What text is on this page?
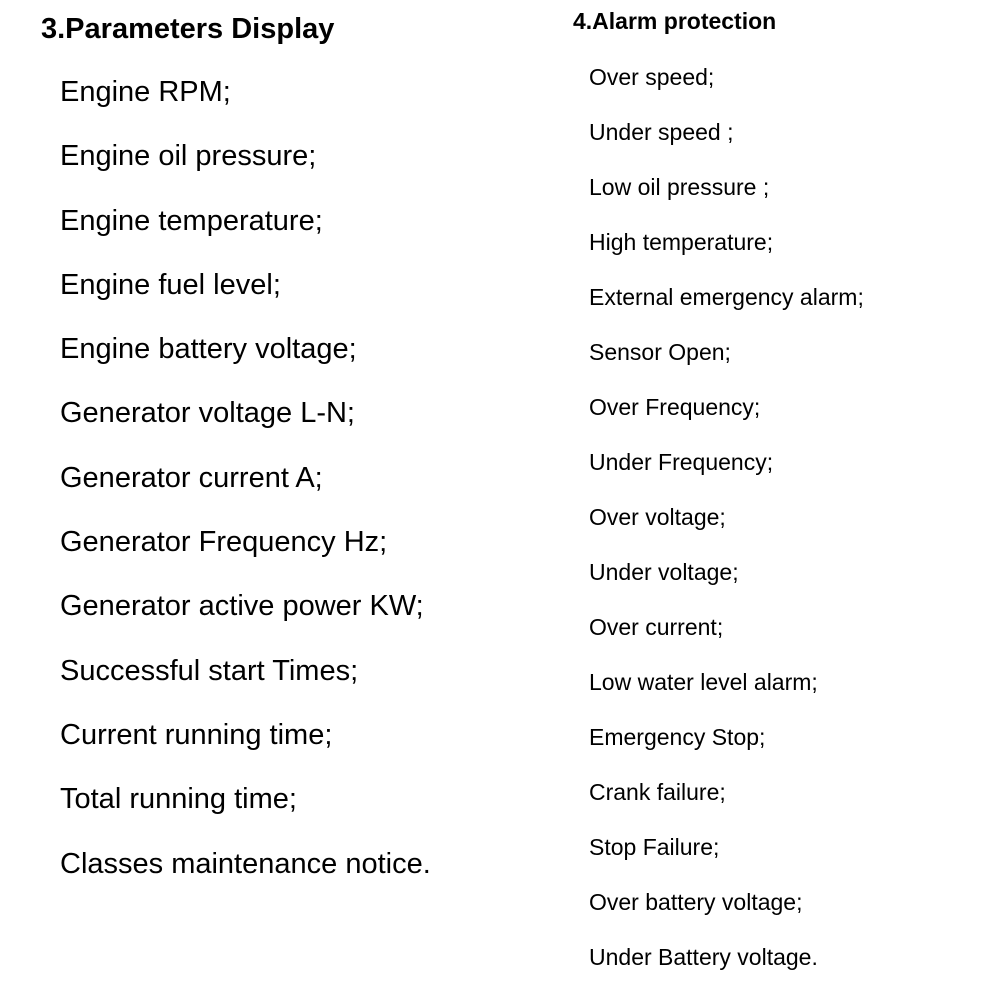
3.Parameters Display
Engine RPM;
Engine oil pressure;
Engine temperature;
Engine fuel level;
Engine battery voltage;
Generator voltage L-N;
Generator current A;
Generator Frequency Hz;
Generator active power KW;
Successful start Times;
Current running time;
Total running time;
Classes maintenance notice.
4.Alarm protection
Over speed;
Under speed ;
Low oil pressure ;
High temperature;
External emergency alarm;
Sensor Open;
Over Frequency;
Under Frequency;
Over voltage;
Under voltage;
Over current;
Low water level alarm;
Emergency Stop;
Crank failure;
Stop Failure;
Over battery voltage;
Under Battery voltage.
